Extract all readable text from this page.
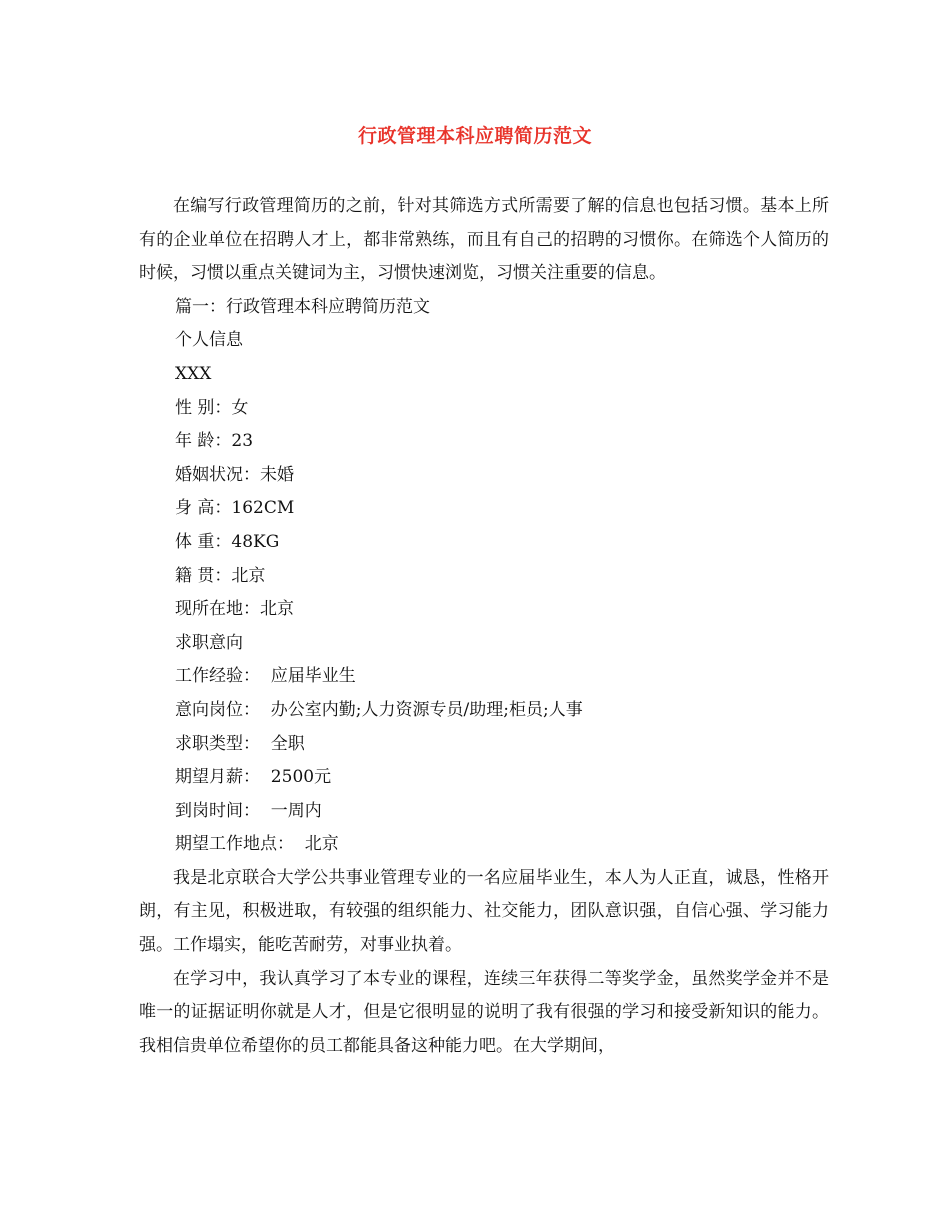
行政管理本科应聘简历范文

在编写行政管理简历的之前，针对其筛选方式所需要了解的信息也包括习惯。基本上所有的企业单位在招聘人才上，都非常熟练，而且有自己的招聘的习惯你。在筛选个人简历的时候，习惯以重点关键词为主，习惯快速浏览，习惯关注重要的信息。

篇一：行政管理本科应聘简历范文

个人信息

XXX

性 别：女

年 龄：23

婚姻状况：未婚

身 高：162CM

体 重：48KG

籍 贯：北京

现所在地：北京

求职意向

工作经验：  应届毕业生

意向岗位：  办公室内勤;人力资源专员/助理;柜员;人事

求职类型：  全职

期望月薪：  2500元

到岗时间：  一周内

期望工作地点：  北京

我是北京联合大学公共事业管理专业的一名应届毕业生，本人为人正直，诚恳，性格开朗，有主见，积极进取，有较强的组织能力、社交能力，团队意识强，自信心强、学习能力强。工作塌实，能吃苦耐劳，对事业执着。

在学习中，我认真学习了本专业的课程，连续三年获得二等奖学金，虽然奖学金并不是唯一的证据证明你就是人才，但是它很明显的说明了我有很强的学习和接受新知识的能力。我相信贵单位希望你的员工都能具备这种能力吧。在大学期间，
